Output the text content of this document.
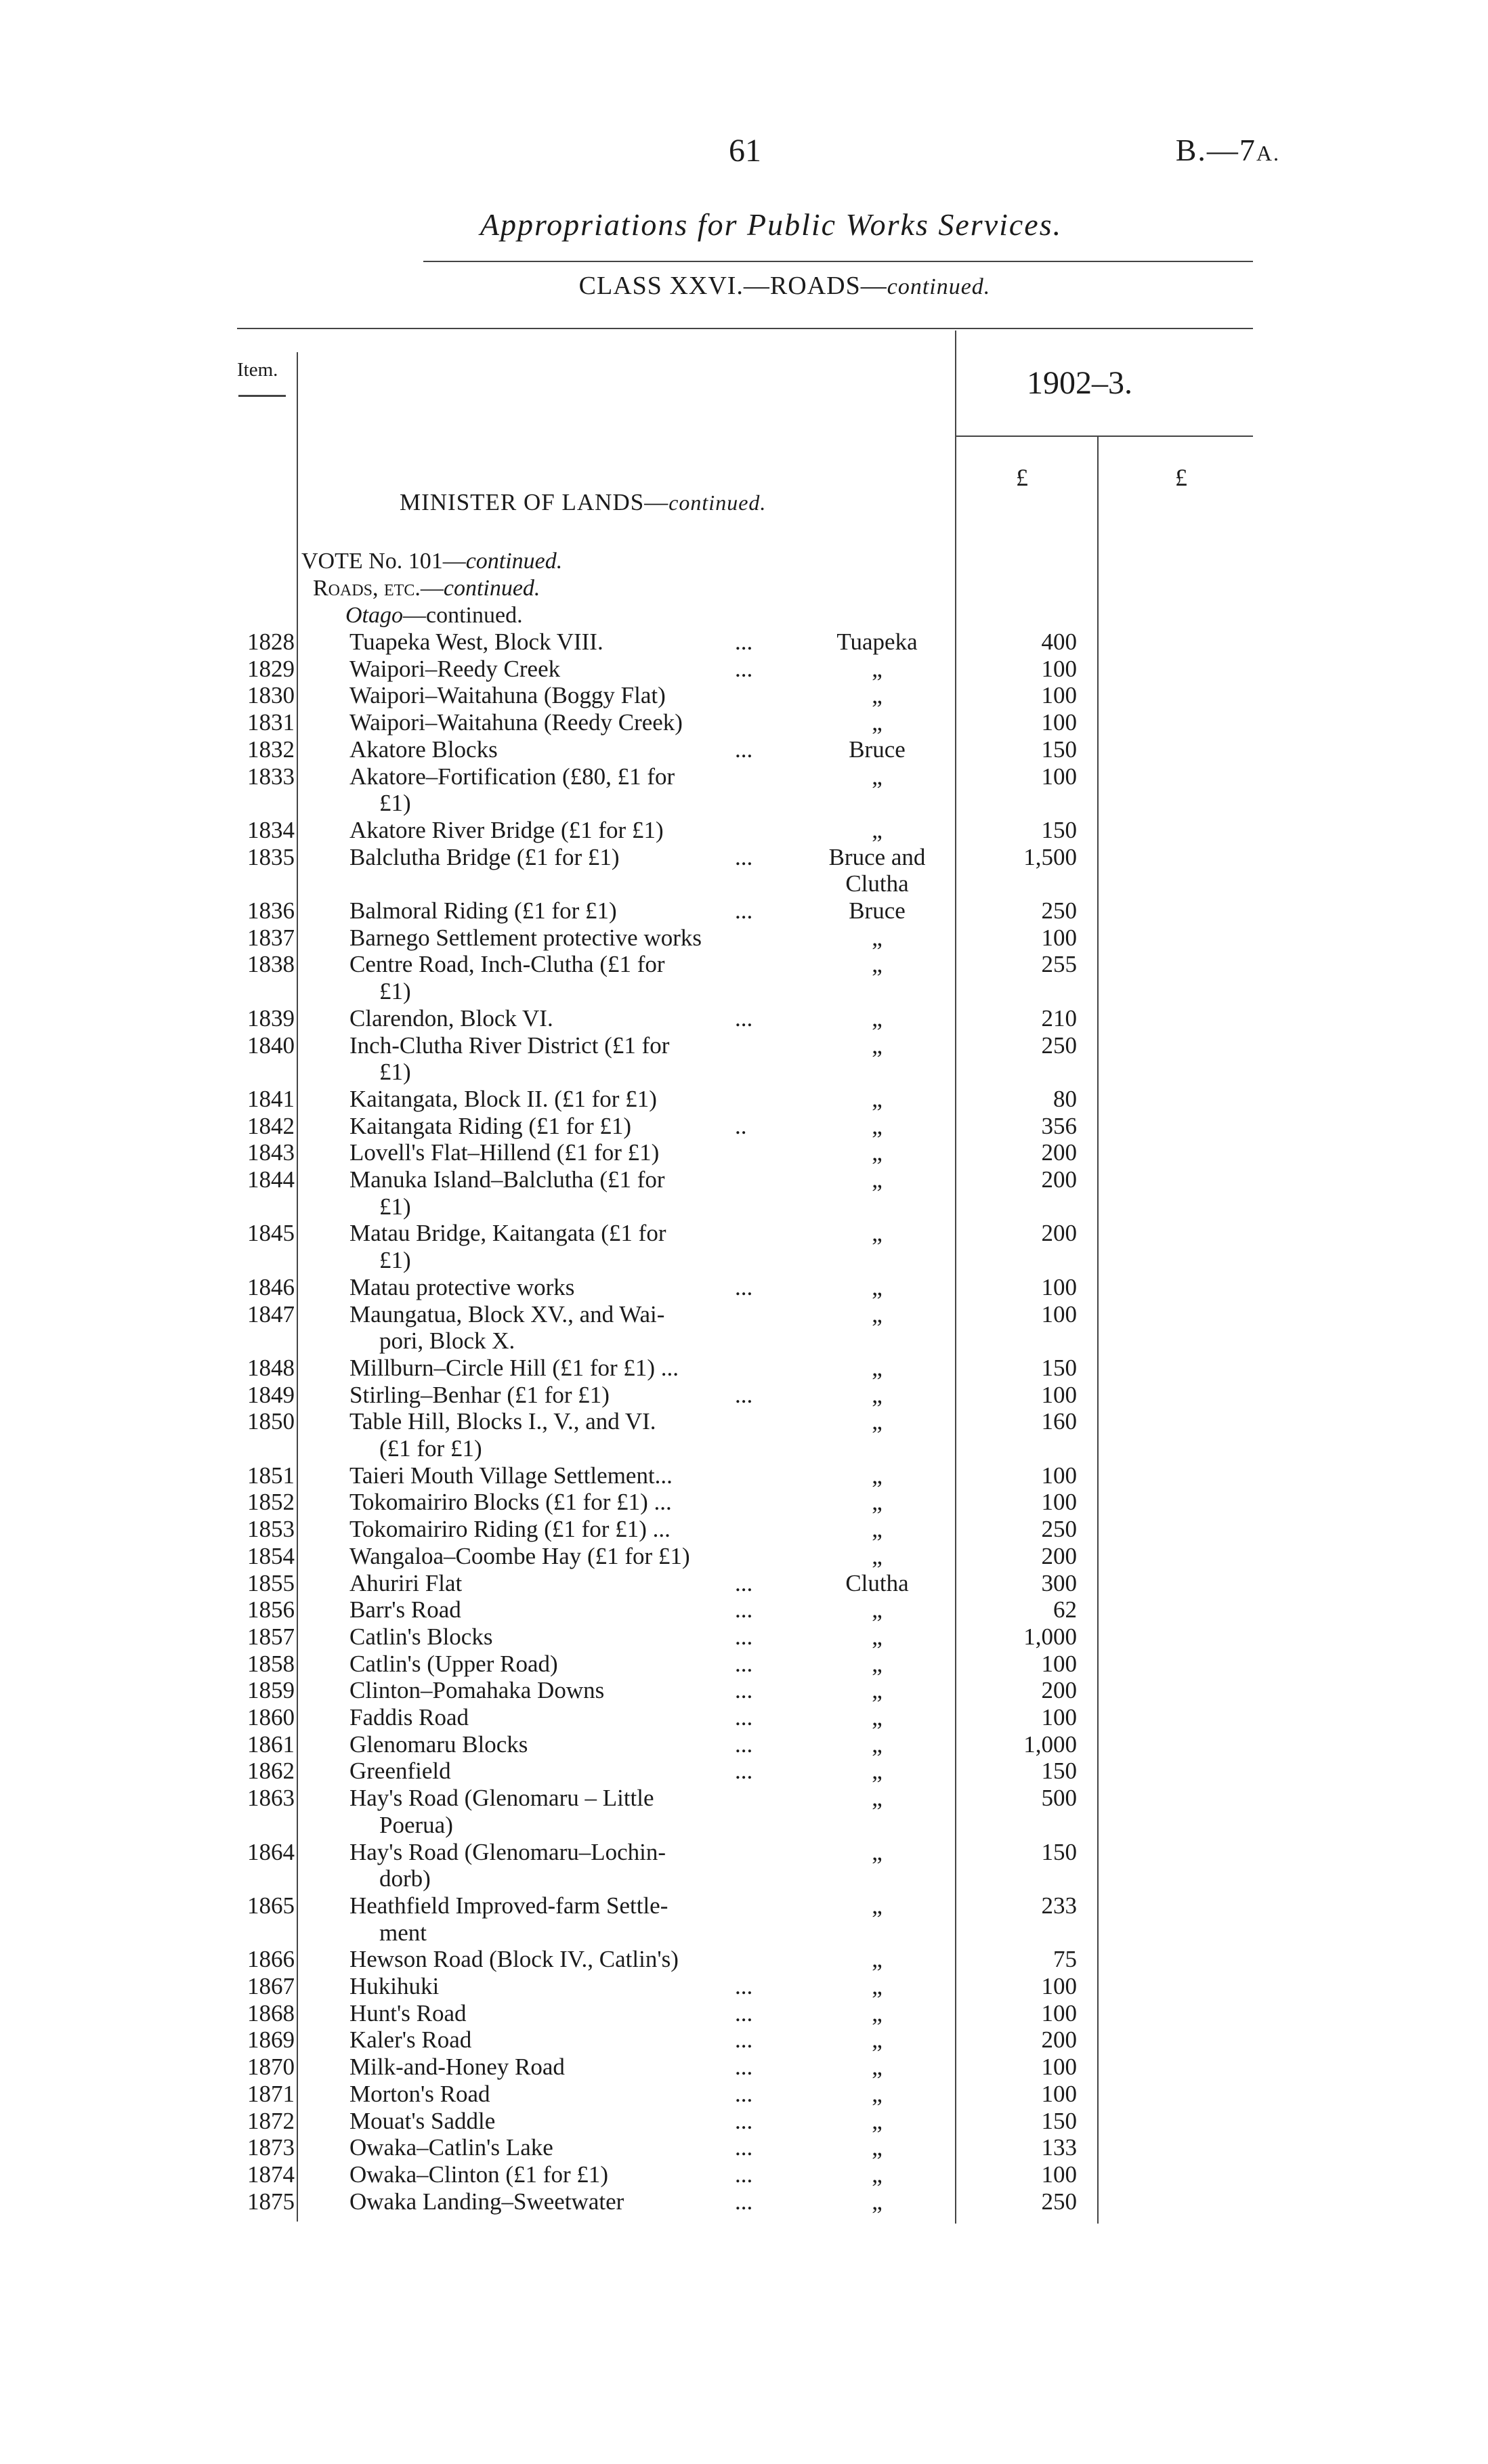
61	B.—7A.
Appropriations for Public Works Services.
CLASS XXVI.—ROADS—continued.
Item.	1902–3.
£	£
MINISTER OF LANDS—continued.
VOTE No. 101—continued.
Roads, etc.—continued.
Otago—continued.
1828 Tuapeka West, Block VIII.	...	Tuapeka	400
1829 Waipori–Reedy Creek	...	„	100
1830 Waipori–Waitahuna (Boggy Flat)	„	100
1831 Waipori–Waitahuna (Reedy Creek)	„	100
1832 Akatore Blocks	...	Bruce	150
1833 Akatore–Fortification (£80, £1 for	„	100
£1)
1834 Akatore River Bridge (£1 for £1)	„	150
1835 Balclutha Bridge (£1 for £1)	...	Bruce and	1,500
Clutha
1836 Balmoral Riding (£1 for £1)	...	Bruce	250
1837 Barnego Settlement protective works	„	100
1838 Centre Road, Inch-Clutha (£1 for	„	255
£1)
1839 Clarendon, Block VI.	...	„	210
1840 Inch-Clutha River District (£1 for	„	250
£1)
1841 Kaitangata, Block II. (£1 for £1)	„	80
1842 Kaitangata Riding (£1 for £1)	..	„	356
1843 Lovell's Flat–Hillend (£1 for £1)	„	200
1844 Manuka Island–Balclutha (£1 for	„	200
£1)
1845 Matau Bridge, Kaitangata (£1 for	„	200
£1)
1846 Matau protective works	...	„	100
1847 Maungatua, Block XV., and Wai-	„	100
pori, Block X.
1848 Millburn–Circle Hill (£1 for £1) ...	„	150
1849 Stirling–Benhar (£1 for £1)	...	„	100
1850 Table Hill, Blocks I., V., and VI.	„	160
(£1 for £1)
1851 Taieri Mouth Village Settlement...	„	100
1852 Tokomairiro Blocks (£1 for £1) ...	„	100
1853 Tokomairiro Riding (£1 for £1) ...	„	250
1854 Wangaloa–Coombe Hay (£1 for £1)	„	200
1855 Ahuriri Flat	...	Clutha	300
1856 Barr's Road	...	„	62
1857 Catlin's Blocks	...	„	1,000
1858 Catlin's (Upper Road)	...	„	100
1859 Clinton–Pomahaka Downs	...	„	200
1860 Faddis Road	...	„	100
1861 Glenomaru Blocks	...	„	1,000
1862 Greenfield	...	„	150
1863 Hay's Road (Glenomaru – Little	„	500
Poerua)
1864 Hay's Road (Glenomaru–Lochin-	„	150
dorb)
1865 Heathfield Improved-farm Settle-	„	233
ment
1866 Hewson Road (Block IV., Catlin's)	„	75
1867 Hukihuki	...	„	100
1868 Hunt's Road	...	„	100
1869 Kaler's Road	...	„	200
1870 Milk-and-Honey Road	...	„	100
1871 Morton's Road	...	„	100
1872 Mouat's Saddle	...	„	150
1873 Owaka–Catlin's Lake	...	„	133
1874 Owaka–Clinton (£1 for £1)	...	„	100
1875 Owaka Landing–Sweetwater	...	„	250
